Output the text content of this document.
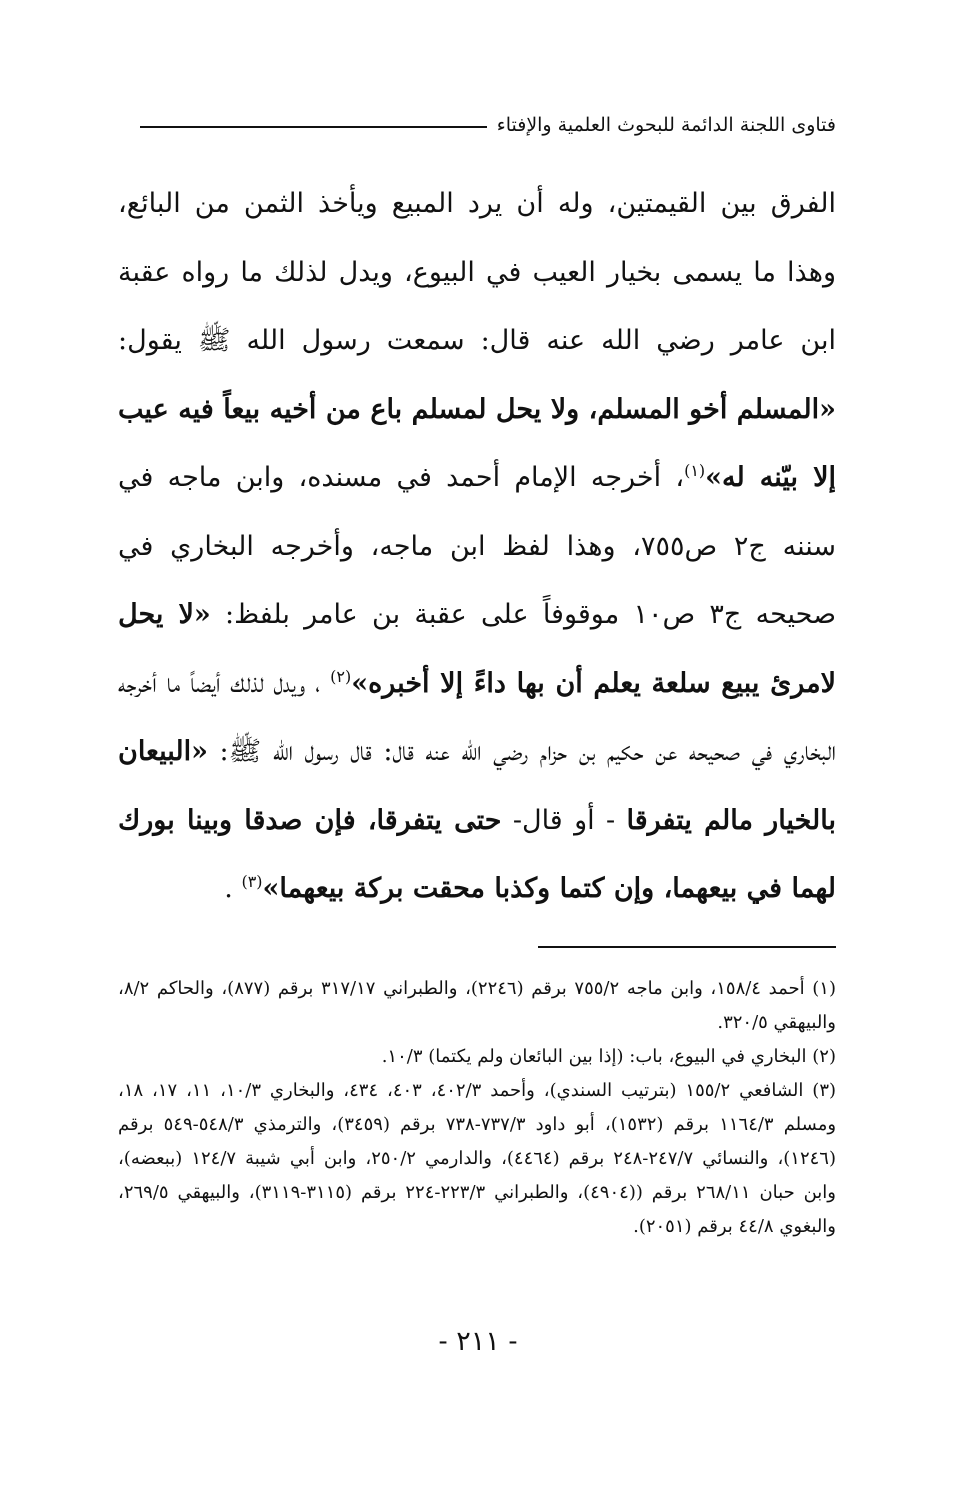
فتاوى اللجنة الدائمة للبحوث العلمية والإفتاء

الفرق بين القيمتين، وله أن يرد المبيع ويأخذ الثمن من البائع، وهذا ما يسمى بخيار العيب في البيوع، ويدل لذلك ما رواه عقبة ابن عامر رضي الله عنه قال: سمعت رسول الله ﷺ يقول: «المسلم أخو المسلم، ولا يحل لمسلم باع من أخيه بيعاً فيه عيب إلا بيّنه له»$^{(١)}$، أخرجه الإمام أحمد في مسنده، وابن ماجه في سننه ج٢ ص٧٥٥، وهذا لفظ ابن ماجه، وأخرجه البخاري في صحيحه ج٣ ص١٠ موقوفاً على عقبة بن عامر بلفظ: «لا يحل لامرئ يبيع سلعة يعلم أن بها داءً إلا أخبره»$^{(٢)}$ ، ويدل لذلك أيضاً ما أخرجه البخاري في صحيحه عن حكيم بن حزام رضي الله عنه قال: قال رسول الله ﷺ: «البيعان بالخيار مالم يتفرقا - أو قال- حتى يتفرقا، فإن صدقا وبينا بورك لهما في بيعهما، وإن كتما وكذبا محقت بركة بيعهما»$^{(٣)}$ .

(١) أحمد ١٥٨/٤، وابن ماجه ٧٥٥/٢ برقم (٢٢٤٦)، والطبراني ٣١٧/١٧ برقم (٨٧٧)، والحاكم ٨/٢، والبيهقي ٣٢٠/٥.

(٢) البخاري في البيوع، باب: (إذا بين البائعان ولم يكتما) ١٠/٣.

(٣) الشافعي ١٥٥/٢ (بترتيب السندي)، وأحمد ٤٠٢/٣، ٤٠٣، ٤٣٤، والبخاري ١٠/٣، ١١، ١٧، ١٨، ومسلم ١١٦٤/٣ برقم (١٥٣٢)، أبو داود ٧٣٧/٣-٧٣٨ برقم (٣٤٥٩)، والترمذي ٥٤٨/٣-٥٤٩ برقم (١٢٤٦)، والنسائي ٢٤٧/٧-٢٤٨ برقم (٤٤٦٤)، والدارمي ٢٥٠/٢، وابن أبي شيبة ١٢٤/٧ (ببعضه)، وابن حبان ٢٦٨/١١ برقم ((٤٩٠٤)، والطبراني ٢٢٣/٣-٢٢٤ برقم (٣١١٥-٣١١٩)، والبيهقي ٢٦٩/٥، والبغوي ٤٤/٨ برقم (٢٠٥١).

- ٢١١ -
